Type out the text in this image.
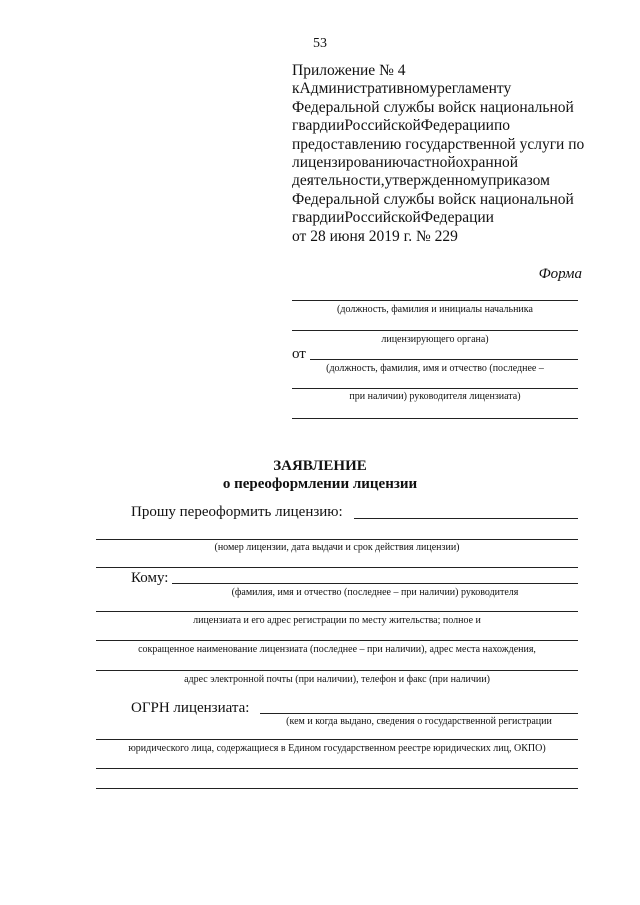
53
Приложение № 4
кАдминистративномурегламенту
Федеральной службы войск национальной
гвардииРоссийскойФедерациипо
предоставлению государственной услуги по
лицензированиючастнойохранной
деятельности,утвержденномуприказом
Федеральной службы войск национальной
гвардииРоссийскойФедерации
от 28 июня 2019 г. № 229
Форма
(должность, фамилия и инициалы начальника
лицензирующего органа)
от
(должность, фамилия, имя и отчество (последнее –
при наличии) руководителя лицензиата)
ЗАЯВЛЕНИЕ
о переоформлении лицензии
Прошу переоформить лицензию:
(номер лицензии, дата выдачи и срок действия лицензии)
Кому:
(фамилия, имя и отчество (последнее – при наличии) руководителя
лицензиата и его адрес регистрации по месту жительства; полное и
сокращенное наименование лицензиата (последнее – при наличии), адрес места нахождения,
адрес электронной почты (при наличии), телефон и факс (при наличии)
ОГРН лицензиата:
(кем и когда выдано, сведения о государственной регистрации
юридического лица, содержащиеся в Едином государственном реестре юридических лиц, ОКПО)
